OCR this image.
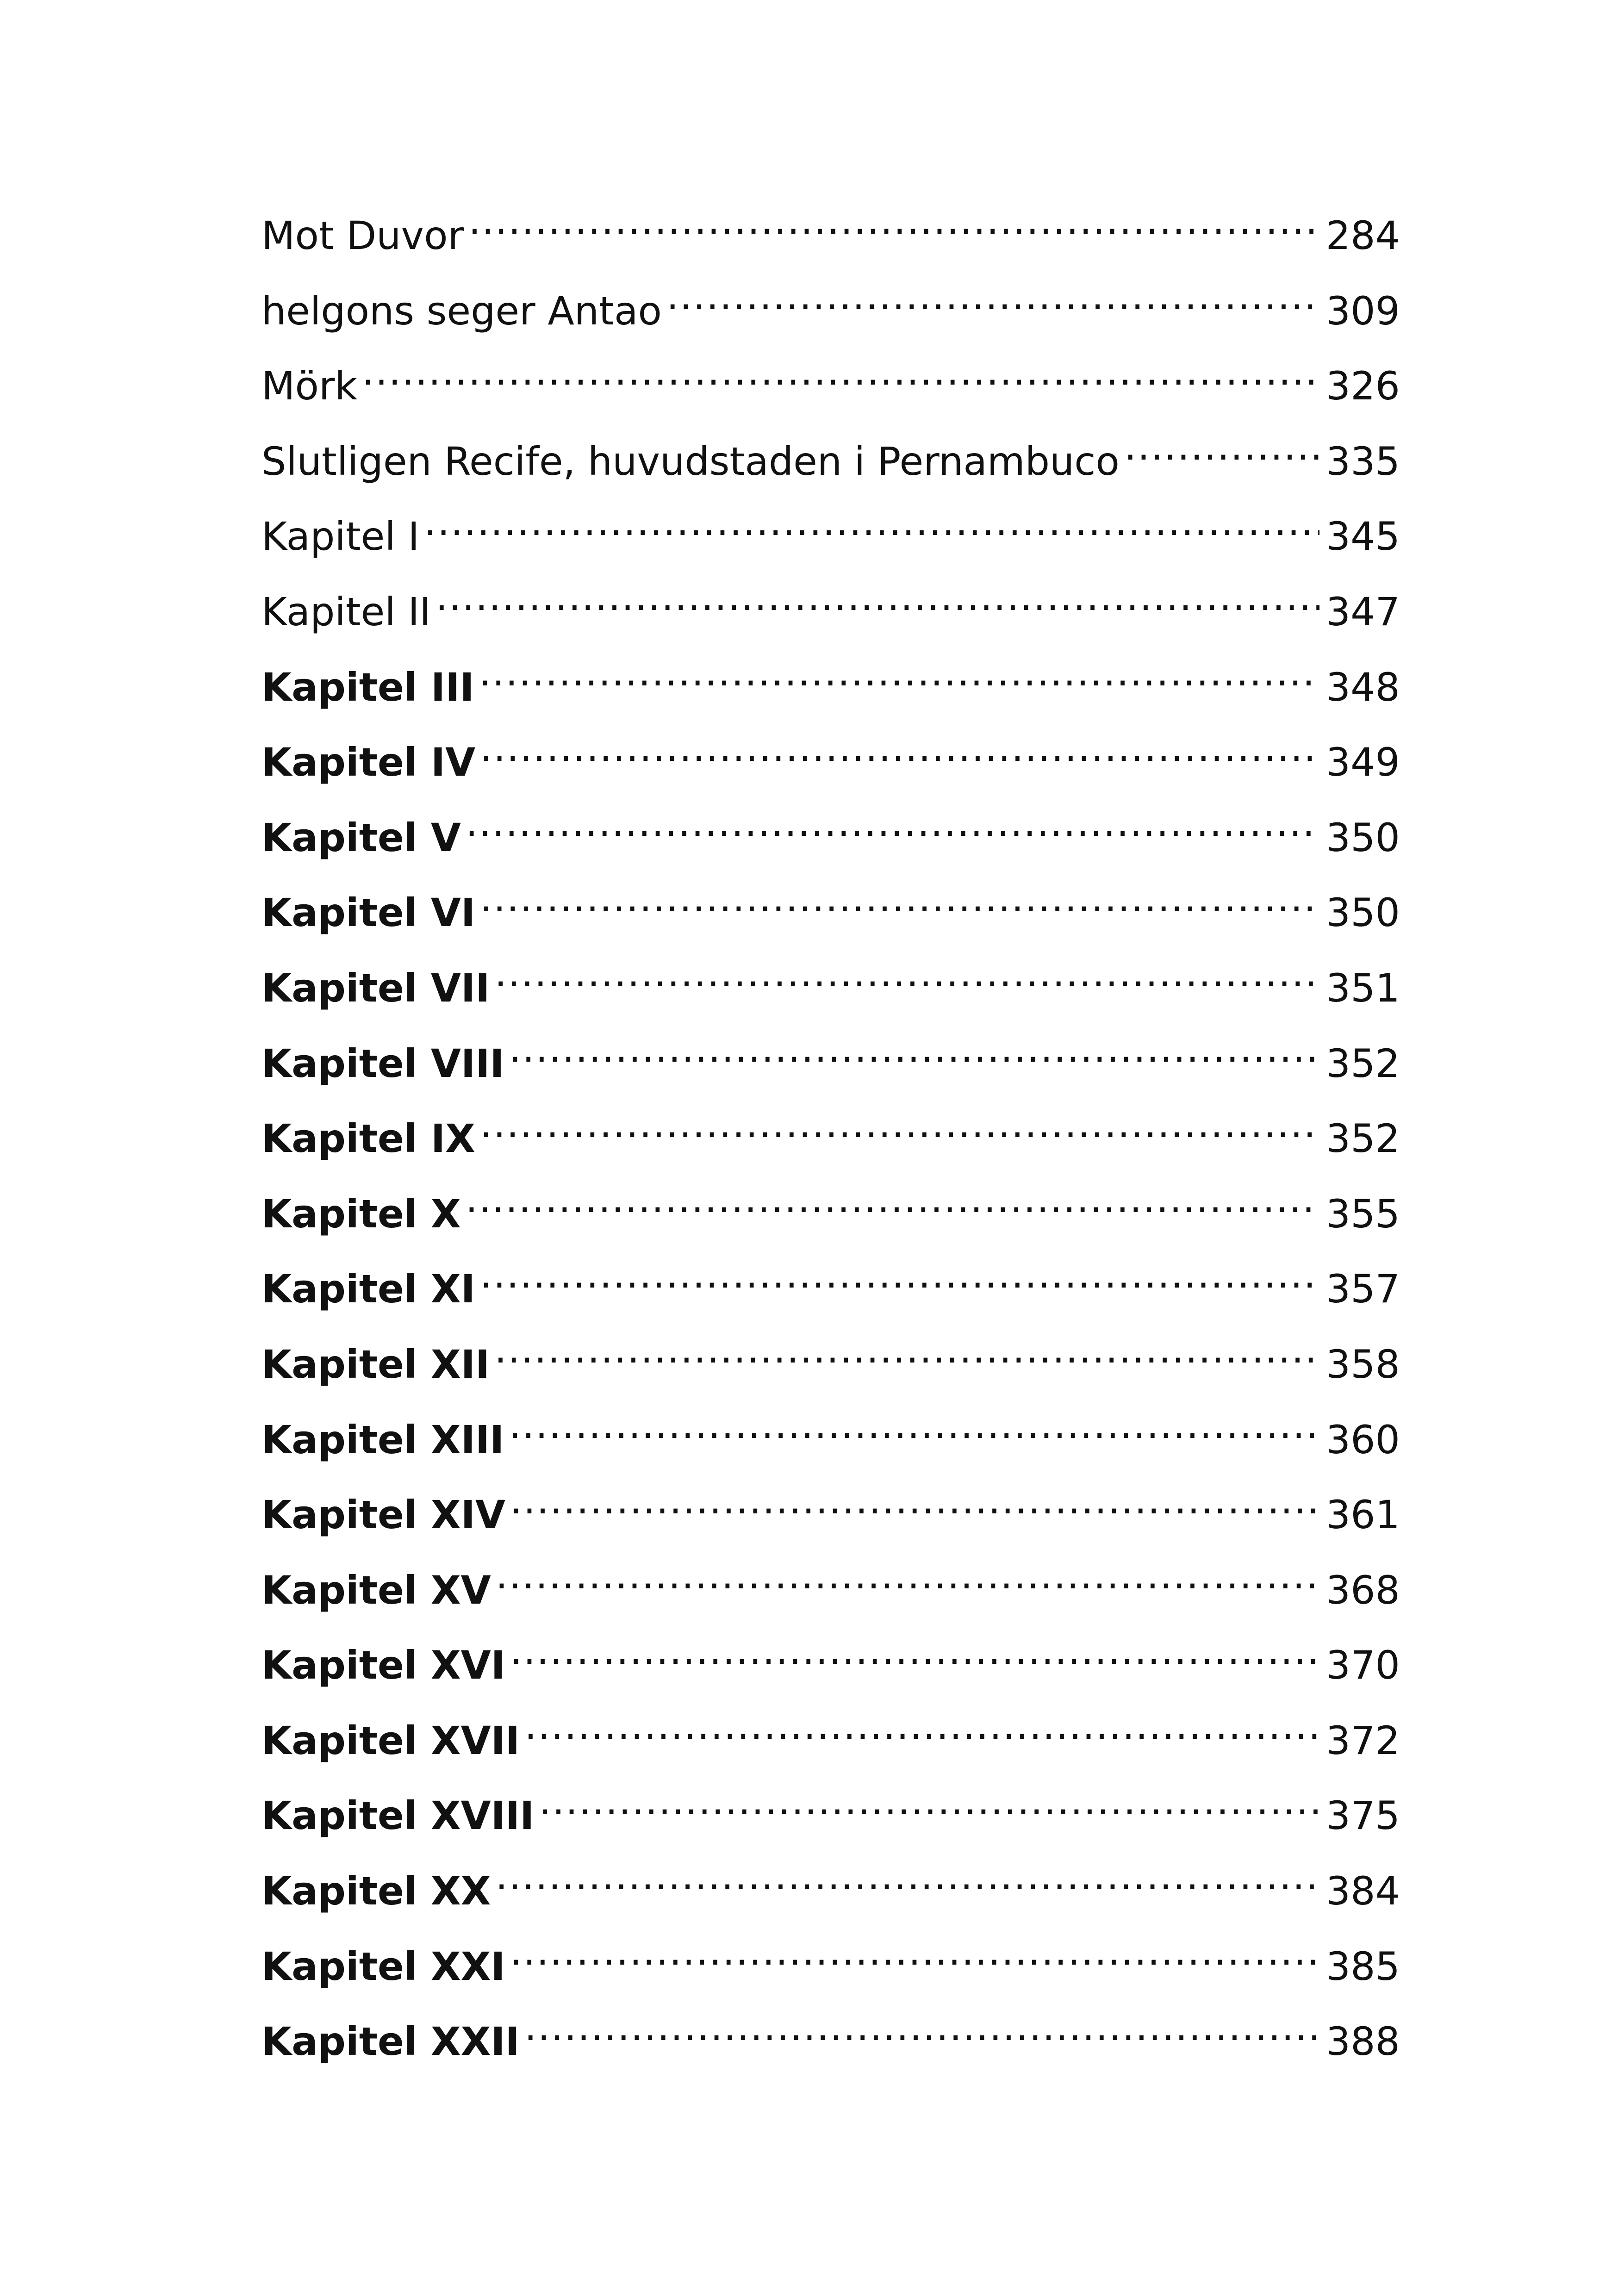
Mot Duvor .....	284
helgons seger Antao .....	309
Mörk .....	326
Slutligen Recife, huvudstaden i Pernambuco .....	335
Kapitel I .....	345
Kapitel II .....	347
Kapitel III .....	348
Kapitel IV .....	349
Kapitel V .....	350
Kapitel VI .....	350
Kapitel VII .....	351
Kapitel VIII .....	352
Kapitel IX .....	352
Kapitel X .....	355
Kapitel XI .....	357
Kapitel XII .....	358
Kapitel XIII .....	360
Kapitel XIV .....	361
Kapitel XV .....	368
Kapitel XVI .....	370
Kapitel XVII .....	372
Kapitel XVIII .....	375
Kapitel XX .....	384
Kapitel XXI .....	385
Kapitel XXII .....	388
